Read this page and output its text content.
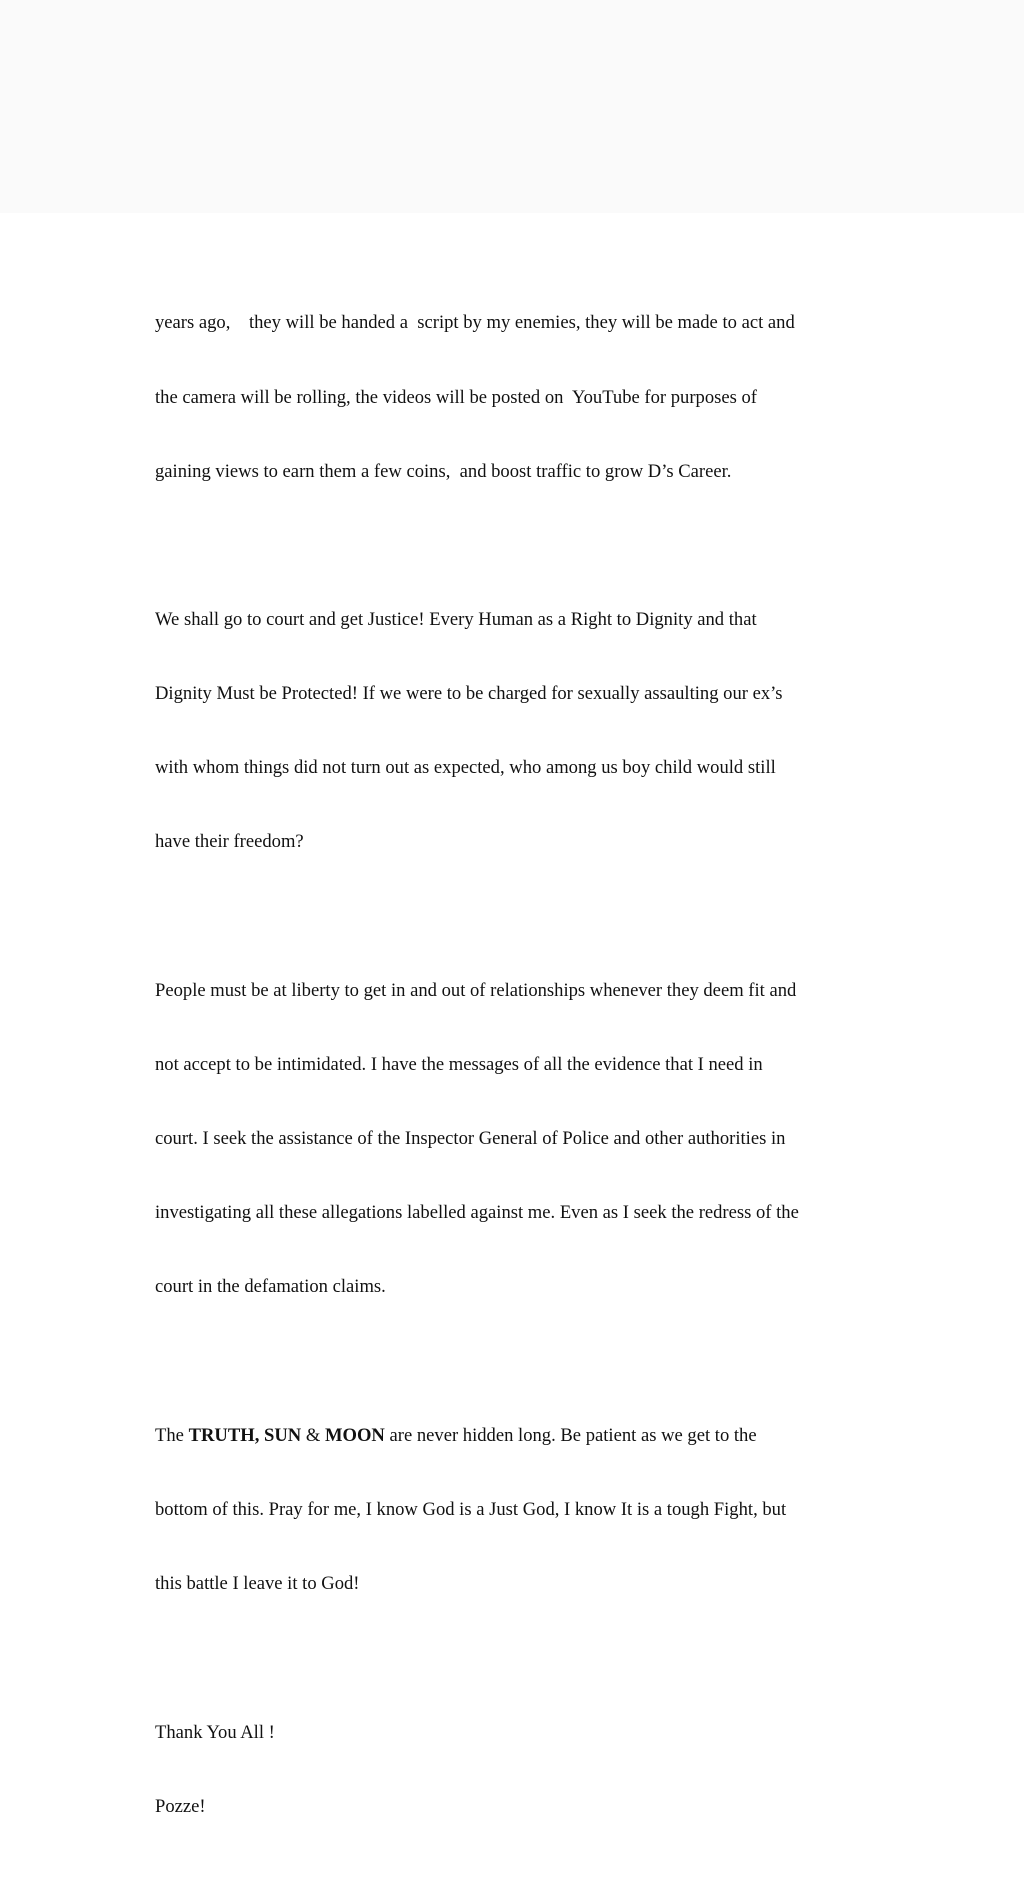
years ago,    they will be handed a  script by my enemies, they will be made to act and

the camera will be rolling, the videos will be posted on  YouTube for purposes of

gaining views to earn them a few coins,  and boost traffic to grow D’s Career.

We shall go to court and get Justice! Every Human as a Right to Dignity and that

Dignity Must be Protected! If we were to be charged for sexually assaulting our ex’s

with whom things did not turn out as expected, who among us boy child would still

have their freedom?

People must be at liberty to get in and out of relationships whenever they deem fit and

not accept to be intimidated. I have the messages of all the evidence that I need in

court. I seek the assistance of the Inspector General of Police and other authorities in

investigating all these allegations labelled against me. Even as I seek the redress of the

court in the defamation claims.

The TRUTH, SUN & MOON are never hidden long. Be patient as we get to the

bottom of this. Pray for me, I know God is a Just God, I know It is a tough Fight, but

this battle I leave it to God!

Thank You All !

Pozze!
